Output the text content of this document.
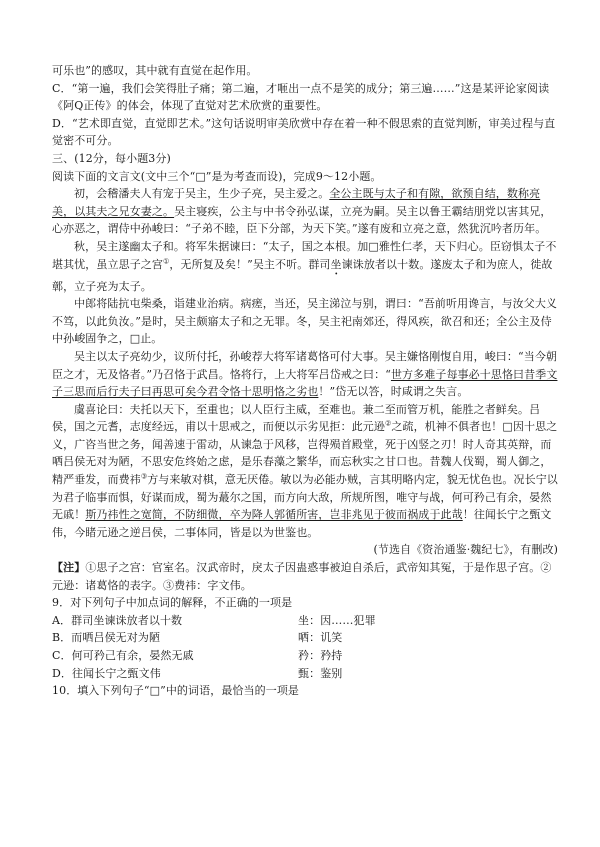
可乐也”的感叹，其中就有直觉在起作用。

C．“第一遍，我们会笑得肚子痛；第二遍，才咂出一点不是笑的成分；第三遍……”这是某评论家阅读《阿Q正传》的体会，体现了直觉对艺术欣赏的重要性。

D．“艺术即直觉，直觉即艺术。”这句话说明审美欣赏中存在着一种不假思索的直觉判断，审美过程与直觉密不可分。

三、(12分，每小题3分)

阅读下面的文言文(文中三个“□”是为考查而设)，完成9～12小题。

初，会稽潘夫人有宠于吴主，生少子亮，吴主爱之。全公主既与太子和有隙，欲预自结，数称亮美，以其夫之兄女妻之。吴主寝疾，公主与中书令孙弘谋，立亮为嗣。吴主以鲁王霸结朋党以害其兄，心亦恶之，谓侍中孙峻曰：“子弟不睦，臣下分部，为天下笑。”遂有废和立亮之意，然犹沉吟者历年。

秋，吴主遂幽太子和。将军朱据谏曰：“太子，国之本根。加□雅性仁孝，天下归心。臣窃惧太子不堪其忧，虽立思子之宫①，无所复及矣！”吴主不听。群司坐谏诛放者以十数。遂废太子和为庶人，徙故鄣，立子亮为太子。

中郎将陆抗屯柴桑，诣建业治病。病瘥，当还，吴主涕泣与别，谓曰：“吾前听用谗言，与汝父大义不笃，以此负汝。”是时，吴主颇寤太子和之无罪。冬，吴主祀南郊还，得风疾，欲召和还；全公主及侍中孙峻固争之，□止。

吴主以太子亮幼少，议所付托，孙峻荐大将军诸葛恪可付大事。吴主嫌恪刚愎自用，峻曰：“当今朝臣之才，无及恪者。”乃召恪于武昌。恪将行，上大将军吕岱戒之曰：“世方多难子每事必十思恪曰昔季文子三思而后行夫子曰再思可矣今君令恪十思明恪之劣也！”岱无以答，时咸谓之失言。

虞喜论曰：夫托以天下，至重也；以人臣行主威，至难也。兼二至而管万机，能胜之者鲜矣。吕侯，国之元耆，志度经远，甫以十思戒之，而便以示劣见拒：此元逊②之疏，机神不俱者也！□因十思之义，广咨当世之务，闻善速于雷动，从谏急于风移，岂得殒首殿堂，死于凶竖之刃！时人奇其英辩，而哂吕侯无对为陋，不思安危终始之虑，是乐春藻之繁华，而忘秋实之甘口也。昔魏人伐蜀，蜀人御之，精严垂发，而费祎③方与来敏对棋，意无厌倦。敏以为必能办贼，言其明略内定，貌无忧色也。况长宁以为君子临事而惧，好谋而成，蜀为蕞尔之国，而方向大敌，所规所图，唯守与战，何可矜己有余，晏然无戚！斯乃祎性之宽简，不防细微，卒为降人郭循所害，岂非兆见于彼而祸成于此哉！往闻长宁之甄文伟，今睹元逊之逆吕侯，二事体同，皆是以为世鉴也。

(节选自《资治通鉴·魏纪七》，有删改)

【注】①思子之宫：官室名。汉武帝时，戾太子因蛊惑事被迫自杀后，武帝知其冤，于是作思子宫。②元逊：诸葛恪的表字。③费祎：字文伟。

9．对下列句子中加点词的解释，不正确的一项是

A．群司坐谏诛放者以十数	坐：因……犯罪
B．而哂吕侯无对为陋	哂：讥笑
C．何可矜己有余，晏然无戚	矜：矜持
D．往闻长宁之甄文伟	甄：鉴别

10．填入下列句子“□”中的词语，最恰当的一项是
